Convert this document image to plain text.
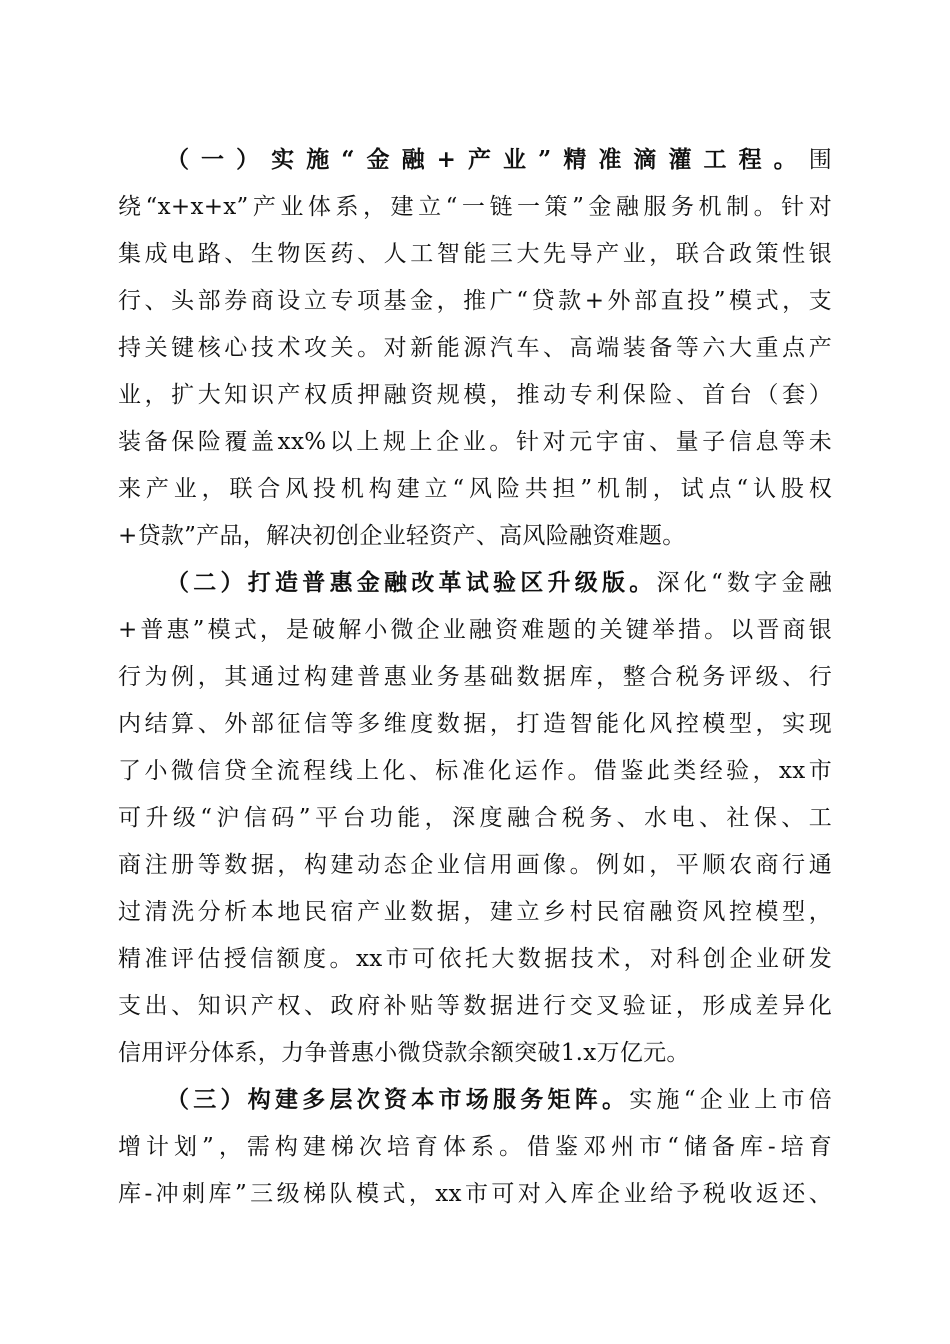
（一）实施“金融+产业”精准滴灌工程。围
绕“x+x+x”产业体系，建立“一链一策”金融服务机制。针对
集成电路、生物医药、人工智能三大先导产业，联合政策性银
行、头部券商设立专项基金，推广“贷款+外部直投”模式，支
持关键核心技术攻关。对新能源汽车、高端装备等六大重点产
业，扩大知识产权质押融资规模，推动专利保险、首台（套）
装备保险覆盖xx%以上规上企业。针对元宇宙、量子信息等未
来产业，联合风投机构建立“风险共担”机制，试点“认股权
+贷款”产品，解决初创企业轻资产、高风险融资难题。
（二）打造普惠金融改革试验区升级版。深化“数字金融
+普惠”模式，是破解小微企业融资难题的关键举措。以晋商银
行为例，其通过构建普惠业务基础数据库，整合税务评级、行
内结算、外部征信等多维度数据，打造智能化风控模型，实现
了小微信贷全流程线上化、标准化运作。借鉴此类经验，xx市
可升级“沪信码”平台功能，深度融合税务、水电、社保、工
商注册等数据，构建动态企业信用画像。例如，平顺农商行通
过清洗分析本地民宿产业数据，建立乡村民宿融资风控模型，
精准评估授信额度。xx市可依托大数据技术，对科创企业研发
支出、知识产权、政府补贴等数据进行交叉验证，形成差异化
信用评分体系，力争普惠小微贷款余额突破1.x万亿元。
（三）构建多层次资本市场服务矩阵。实施“企业上市倍
增计划”，需构建梯次培育体系。借鉴邓州市“储备库-培育
库-冲刺库”三级梯队模式，xx市可对入库企业给予税收返还、
